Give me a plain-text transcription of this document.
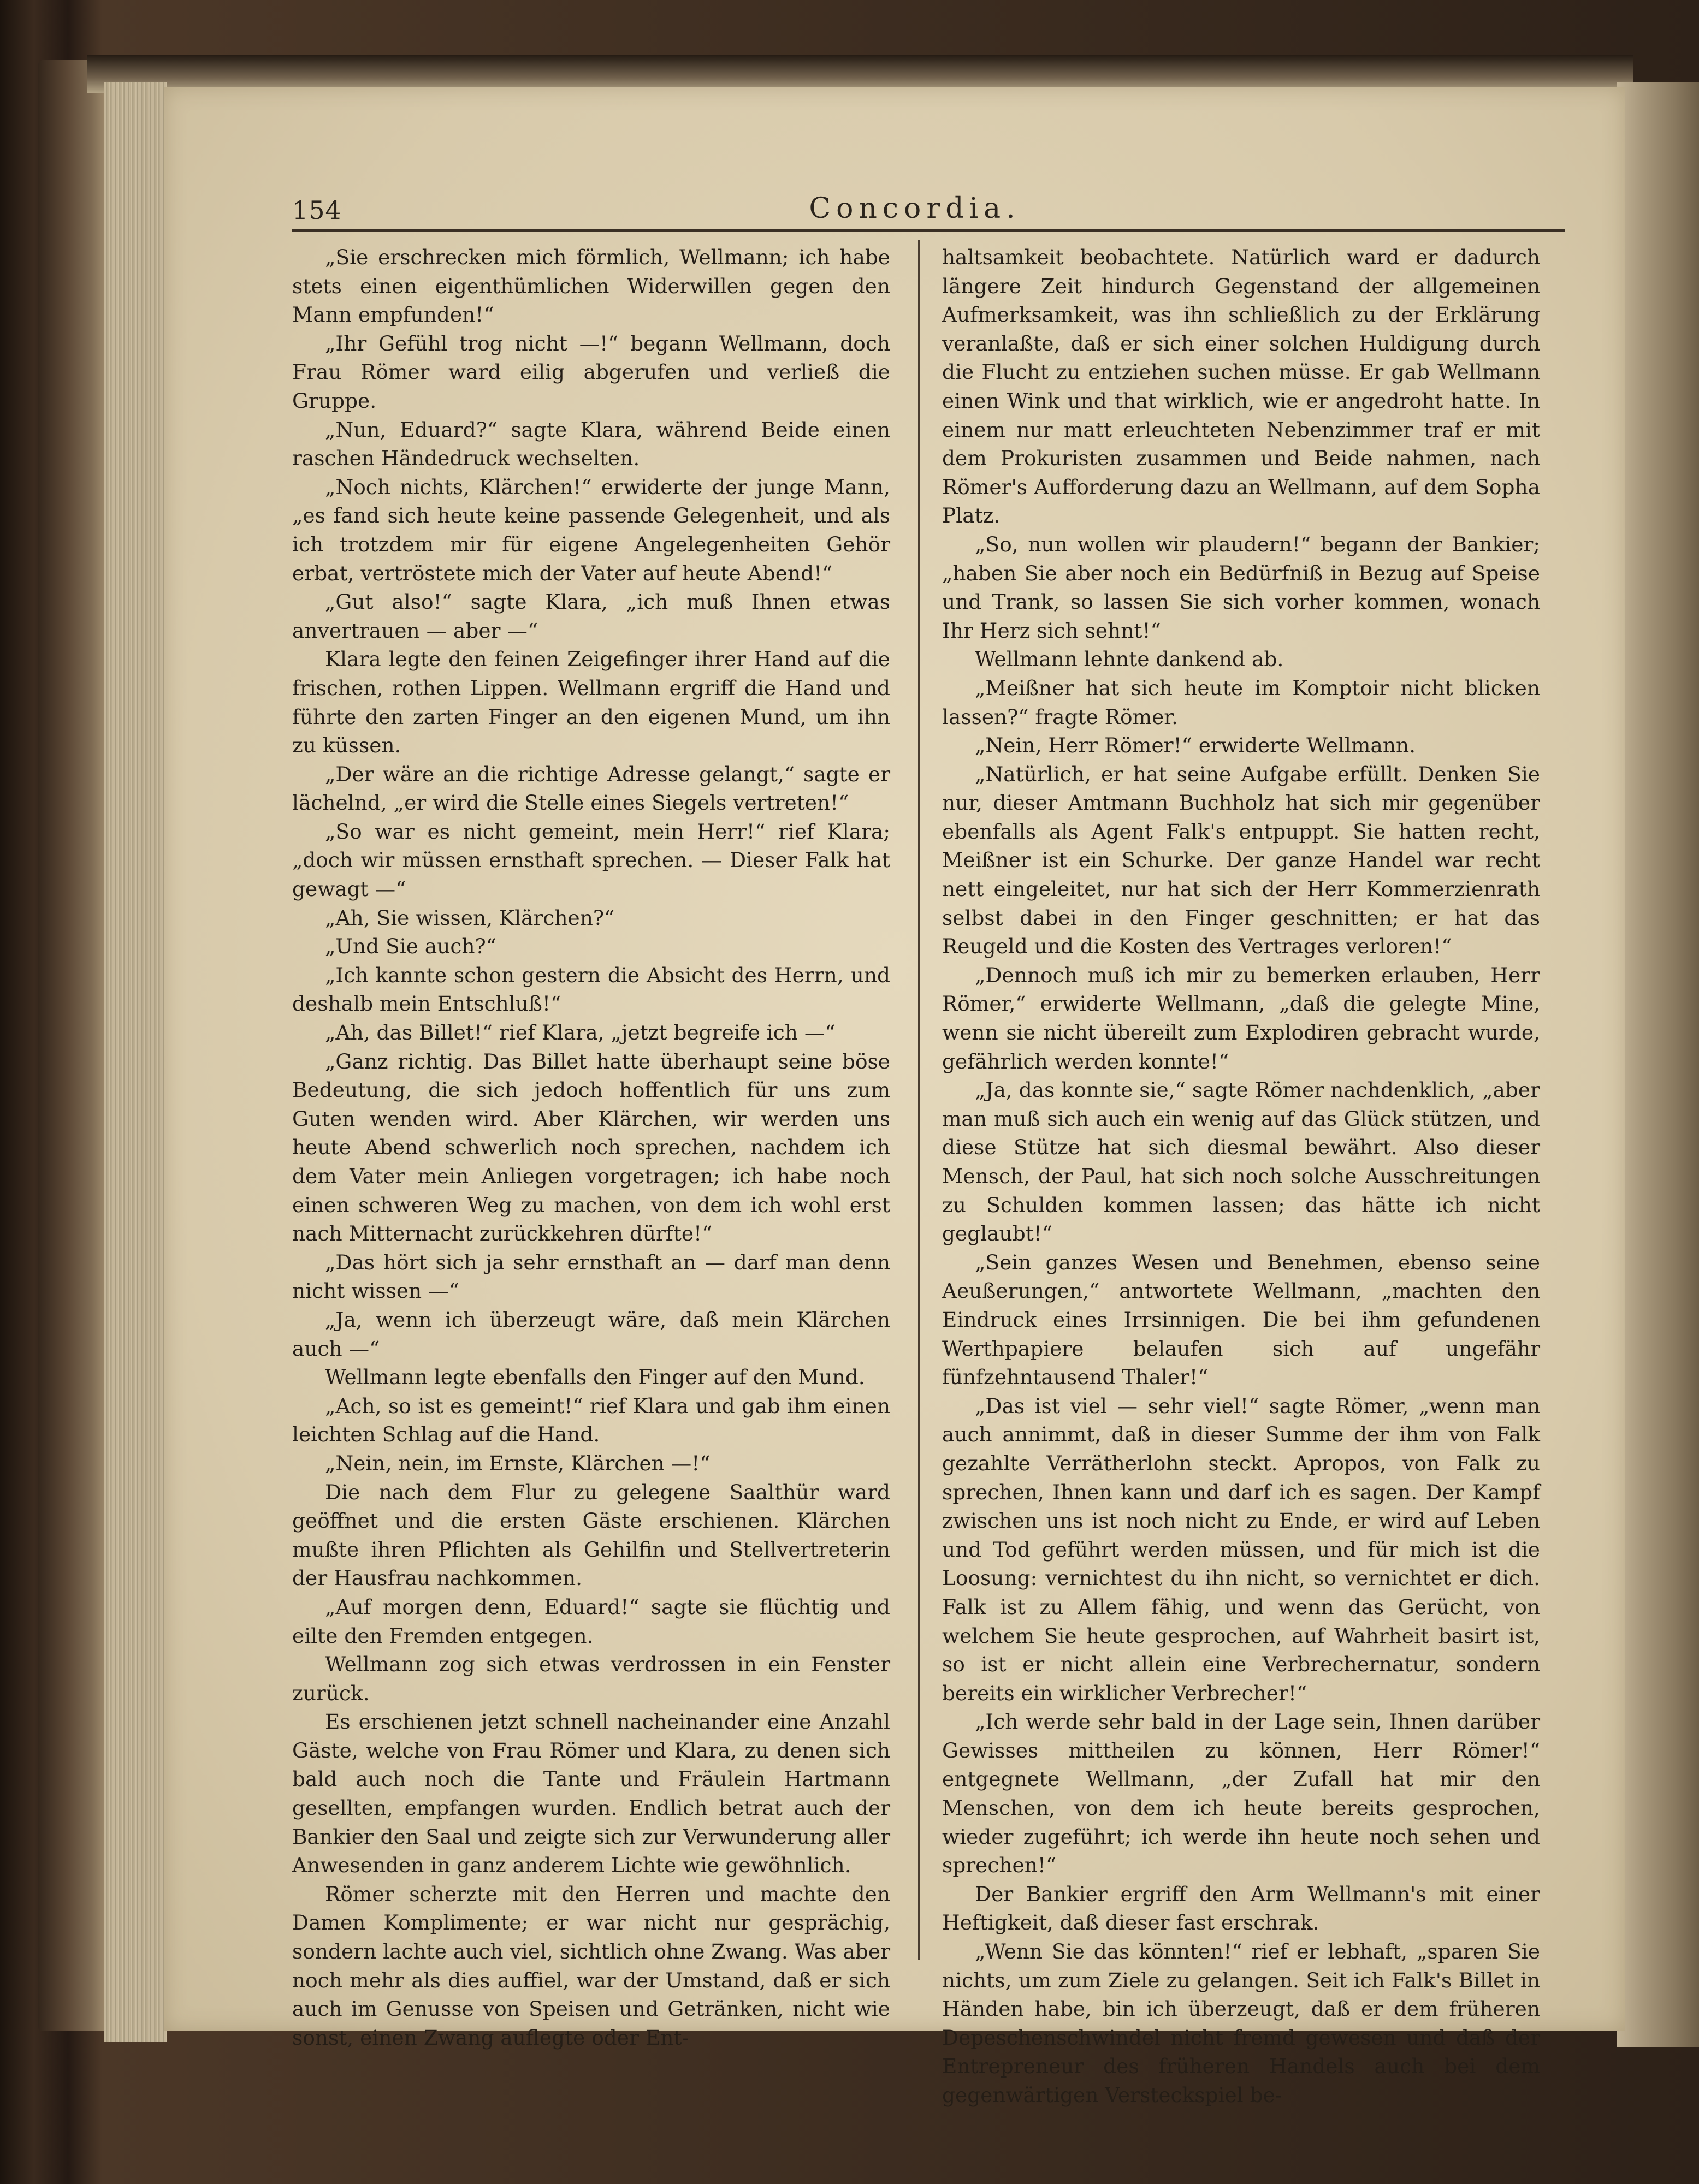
154	Concordia.

„Sie erschrecken mich förmlich, Wellmann; ich habe stets einen eigenthümlichen Widerwillen gegen den Mann empfunden!“

„Ihr Gefühl trog nicht —!“ begann Wellmann, doch Frau Römer ward eilig abgerufen und verließ die Gruppe.

„Nun, Eduard?“ sagte Klara, während Beide einen raschen Händedruck wechselten.

„Noch nichts, Klärchen!“ erwiderte der junge Mann, „es fand sich heute keine passende Gelegenheit, und als ich trotzdem mir für eigene Angelegenheiten Gehör erbat, vertröstete mich der Vater auf heute Abend!“

„Gut also!“ sagte Klara, „ich muß Ihnen etwas anvertrauen — aber —“

Klara legte den feinen Zeigefinger ihrer Hand auf die frischen, rothen Lippen. Wellmann ergriff die Hand und führte den zarten Finger an den eigenen Mund, um ihn zu küssen.

„Der wäre an die richtige Adresse gelangt,“ sagte er lächelnd, „er wird die Stelle eines Siegels vertreten!“

„So war es nicht gemeint, mein Herr!“ rief Klara; „doch wir müssen ernsthaft sprechen. — Dieser Falk hat gewagt —“

„Ah, Sie wissen, Klärchen?“

„Und Sie auch?“

„Ich kannte schon gestern die Absicht des Herrn, und deshalb mein Entschluß!“

„Ah, das Billet!“ rief Klara, „jetzt begreife ich —“

„Ganz richtig. Das Billet hatte überhaupt seine böse Bedeutung, die sich jedoch hoffentlich für uns zum Guten wenden wird. Aber Klärchen, wir werden uns heute Abend schwerlich noch sprechen, nachdem ich dem Vater mein Anliegen vorgetragen; ich habe noch einen schweren Weg zu machen, von dem ich wohl erst nach Mitternacht zurückkehren dürfte!“

„Das hört sich ja sehr ernsthaft an — darf man denn nicht wissen —“

„Ja, wenn ich überzeugt wäre, daß mein Klärchen auch —“

Wellmann legte ebenfalls den Finger auf den Mund.

„Ach, so ist es gemeint!“ rief Klara und gab ihm einen leichten Schlag auf die Hand.

„Nein, nein, im Ernste, Klärchen —!“

Die nach dem Flur zu gelegene Saalthür ward geöffnet und die ersten Gäste erschienen. Klärchen mußte ihren Pflichten als Gehilfin und Stellvertreterin der Hausfrau nachkommen.

„Auf morgen denn, Eduard!“ sagte sie flüchtig und eilte den Fremden entgegen.

Wellmann zog sich etwas verdrossen in ein Fenster zurück.

Es erschienen jetzt schnell nacheinander eine Anzahl Gäste, welche von Frau Römer und Klara, zu denen sich bald auch noch die Tante und Fräulein Hartmann gesellten, empfangen wurden. Endlich betrat auch der Bankier den Saal und zeigte sich zur Verwunderung aller Anwesenden in ganz anderem Lichte wie gewöhnlich.

Römer scherzte mit den Herren und machte den Damen Komplimente; er war nicht nur gesprächig, sondern lachte auch viel, sichtlich ohne Zwang. Was aber noch mehr als dies auffiel, war der Umstand, daß er sich auch im Genusse von Speisen und Getränken, nicht wie sonst, einen Zwang auflegte oder Ent-

haltsamkeit beobachtete. Natürlich ward er dadurch längere Zeit hindurch Gegenstand der allgemeinen Aufmerksamkeit, was ihn schließlich zu der Erklärung veranlaßte, daß er sich einer solchen Huldigung durch die Flucht zu entziehen suchen müsse. Er gab Wellmann einen Wink und that wirklich, wie er angedroht hatte. In einem nur matt erleuchteten Nebenzimmer traf er mit dem Prokuristen zusammen und Beide nahmen, nach Römer's Aufforderung dazu an Wellmann, auf dem Sopha Platz.

„So, nun wollen wir plaudern!“ begann der Bankier; „haben Sie aber noch ein Bedürfniß in Bezug auf Speise und Trank, so lassen Sie sich vorher kommen, wonach Ihr Herz sich sehnt!“

Wellmann lehnte dankend ab.

„Meißner hat sich heute im Komptoir nicht blicken lassen?“ fragte Römer.

„Nein, Herr Römer!“ erwiderte Wellmann.

„Natürlich, er hat seine Aufgabe erfüllt. Denken Sie nur, dieser Amtmann Buchholz hat sich mir gegenüber ebenfalls als Agent Falk's entpuppt. Sie hatten recht, Meißner ist ein Schurke. Der ganze Handel war recht nett eingeleitet, nur hat sich der Herr Kommerzienrath selbst dabei in den Finger geschnitten; er hat das Reugeld und die Kosten des Vertrages verloren!“

„Dennoch muß ich mir zu bemerken erlauben, Herr Römer,“ erwiderte Wellmann, „daß die gelegte Mine, wenn sie nicht übereilt zum Explodiren gebracht wurde, gefährlich werden konnte!“

„Ja, das konnte sie,“ sagte Römer nachdenklich, „aber man muß sich auch ein wenig auf das Glück stützen, und diese Stütze hat sich diesmal bewährt. Also dieser Mensch, der Paul, hat sich noch solche Ausschreitungen zu Schulden kommen lassen; das hätte ich nicht geglaubt!“

„Sein ganzes Wesen und Benehmen, ebenso seine Aeußerungen,“ antwortete Wellmann, „machten den Eindruck eines Irrsinnigen. Die bei ihm gefundenen Werthpapiere belaufen sich auf ungefähr fünfzehntausend Thaler!“

„Das ist viel — sehr viel!“ sagte Römer, „wenn man auch annimmt, daß in dieser Summe der ihm von Falk gezahlte Verrätherlohn steckt. Apropos, von Falk zu sprechen, Ihnen kann und darf ich es sagen. Der Kampf zwischen uns ist noch nicht zu Ende, er wird auf Leben und Tod geführt werden müssen, und für mich ist die Loosung: vernichtest du ihn nicht, so vernichtet er dich. Falk ist zu Allem fähig, und wenn das Gerücht, von welchem Sie heute gesprochen, auf Wahrheit basirt ist, so ist er nicht allein eine Verbrechernatur, sondern bereits ein wirklicher Verbrecher!“

„Ich werde sehr bald in der Lage sein, Ihnen darüber Gewisses mittheilen zu können, Herr Römer!“ entgegnete Wellmann, „der Zufall hat mir den Menschen, von dem ich heute bereits gesprochen, wieder zugeführt; ich werde ihn heute noch sehen und sprechen!“

Der Bankier ergriff den Arm Wellmann's mit einer Heftigkeit, daß dieser fast erschrak.

„Wenn Sie das könnten!“ rief er lebhaft, „sparen Sie nichts, um zum Ziele zu gelangen. Seit ich Falk's Billet in Händen habe, bin ich überzeugt, daß er dem früheren Depeschenschwindel nicht fremd gewesen und daß der Entrepreneur des früheren Handels auch bei dem gegenwärtigen Versteckspiel be-
